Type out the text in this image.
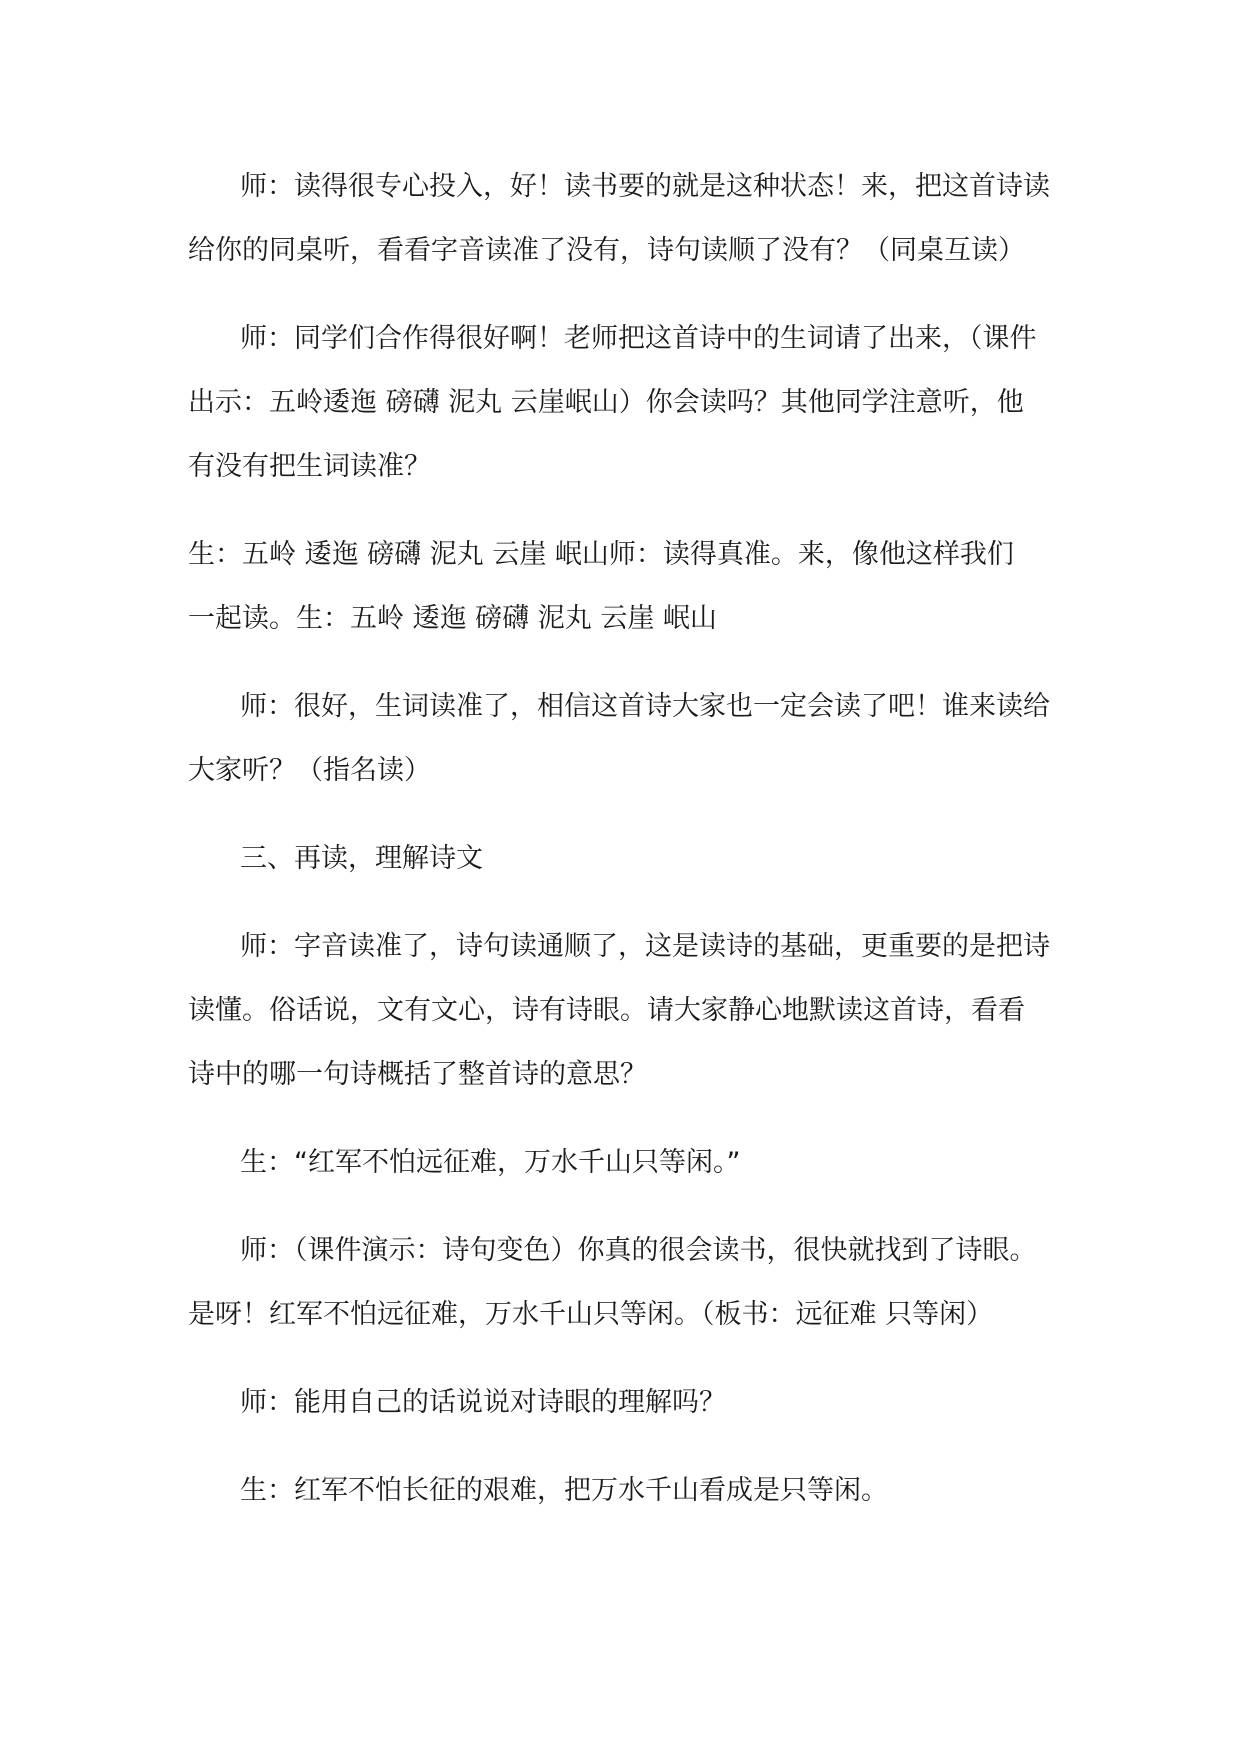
师：读得很专心投入，好！读书要的就是这种状态！来，把这首诗读
给你的同桌听，看看字音读准了没有，诗句读顺了没有？（同桌互读）
师：同学们合作得很好啊！老师把这首诗中的生词请了出来，（课件
出示：五岭逶迤 磅礴 泥丸 云崖岷山）你会读吗？其他同学注意听，他
有没有把生词读准？
生：五岭 逶迤 磅礴 泥丸 云崖 岷山师：读得真准。来，像他这样我们
一起读。生：五岭 逶迤 磅礴 泥丸 云崖 岷山
师：很好，生词读准了，相信这首诗大家也一定会读了吧！谁来读给
大家听？（指名读）
三、再读，理解诗文
师：字音读准了，诗句读通顺了，这是读诗的基础，更重要的是把诗
读懂。俗话说，文有文心，诗有诗眼。请大家静心地默读这首诗，看看
诗中的哪一句诗概括了整首诗的意思？
生：“红军不怕远征难，万水千山只等闲。”
师：（课件演示：诗句变色）你真的很会读书，很快就找到了诗眼。
是呀！红军不怕远征难，万水千山只等闲。（板书：远征难 只等闲）
师：能用自己的话说说对诗眼的理解吗？
生：红军不怕长征的艰难，把万水千山看成是只等闲。
